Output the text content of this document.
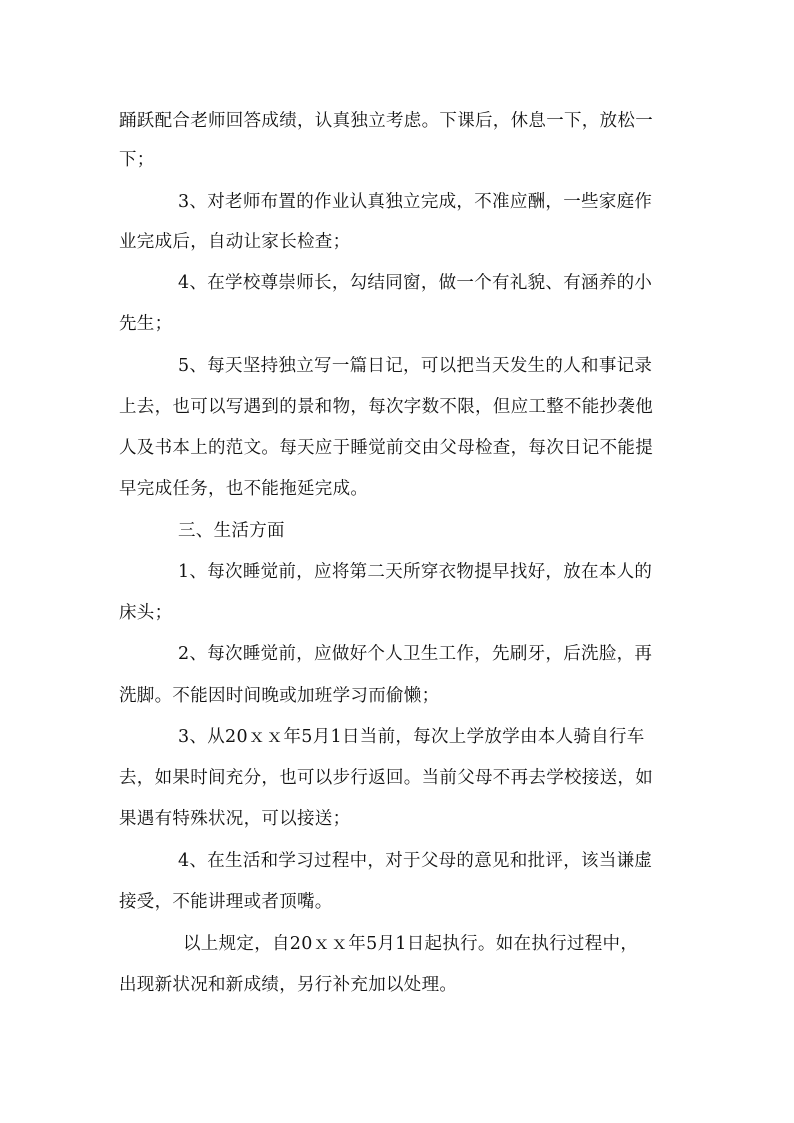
踊跃配合老师回答成绩，认真独立考虑。下课后，休息一下，放松一
下；
3、对老师布置的作业认真独立完成，不准应酬，一些家庭作
业完成后，自动让家长检查；
4、在学校尊崇师长，勾结同窗，做一个有礼貌、有涵养的小
先生；
5、每天坚持独立写一篇日记，可以把当天发生的人和事记录
上去，也可以写遇到的景和物，每次字数不限，但应工整不能抄袭他
人及书本上的范文。每天应于睡觉前交由父母检查，每次日记不能提
早完成任务，也不能拖延完成。
三、生活方面
1、每次睡觉前，应将第二天所穿衣物提早找好，放在本人的
床头；
2、每次睡觉前，应做好个人卫生工作，先刷牙，后洗脸，再
洗脚。不能因时间晚或加班学习而偷懒；
3、从20ｘｘ年5月1日当前，每次上学放学由本人骑自行车
去，如果时间充分，也可以步行返回。当前父母不再去学校接送，如
果遇有特殊状况，可以接送；
4、在生活和学习过程中，对于父母的意见和批评，该当谦虚
接受，不能讲理或者顶嘴。
以上规定，自20ｘｘ年5月1日起执行。如在执行过程中，
出现新状况和新成绩，另行补充加以处理。
